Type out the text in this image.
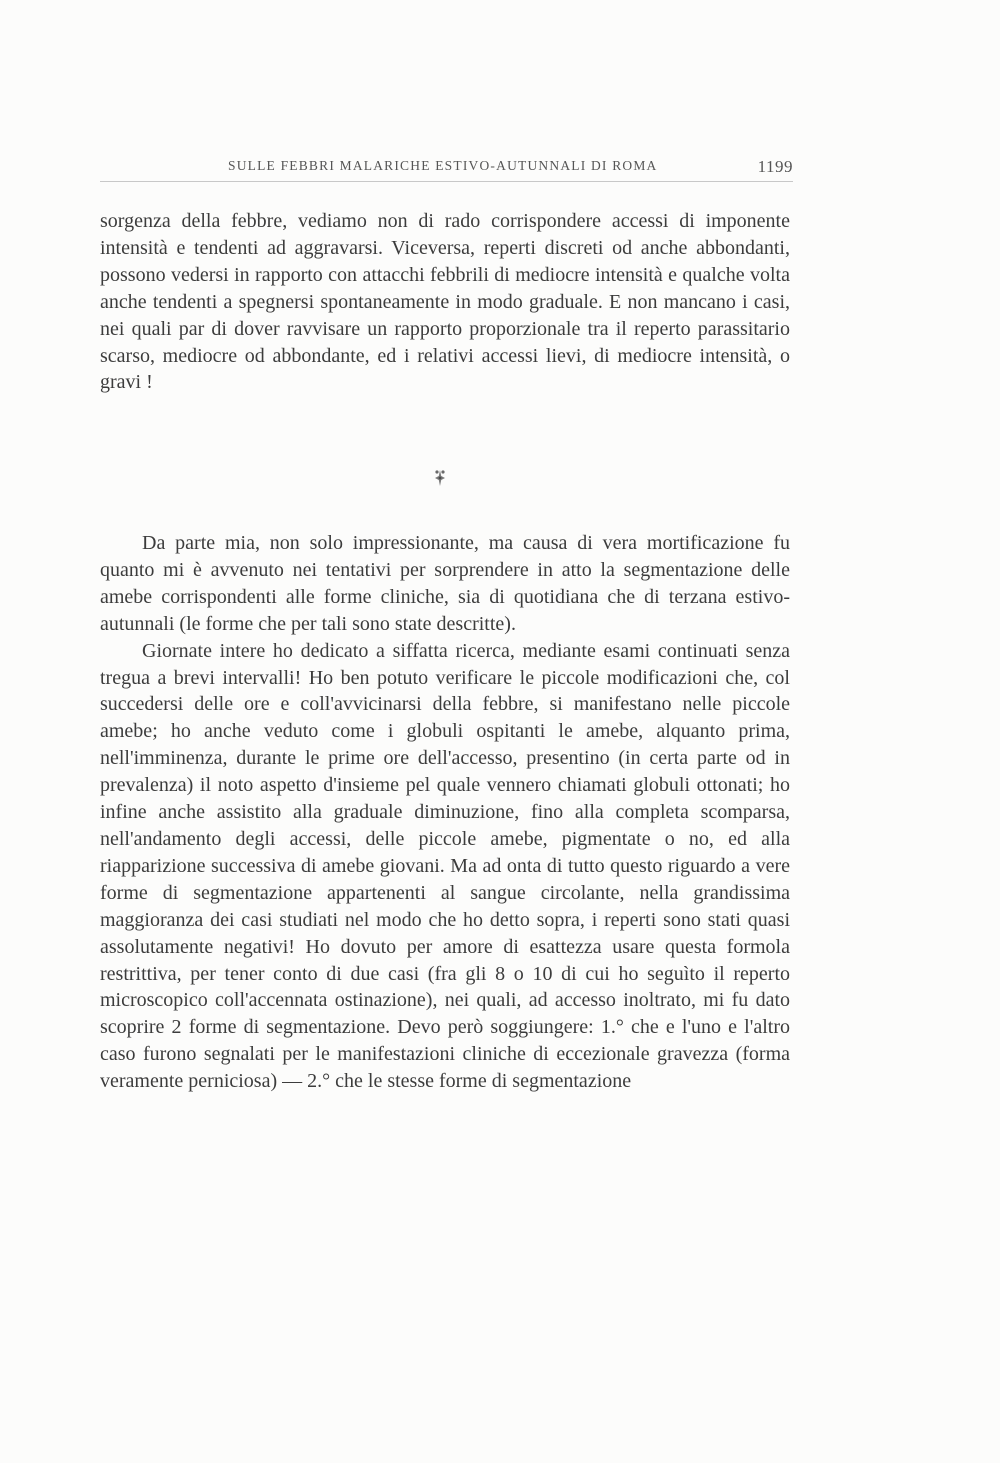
SULLE FEBBRI MALARICHE ESTIVO-AUTUNNALI DI ROMA	1199

sorgenza della febbre, vediamo non di rado corrispondere accessi di imponente intensità e tendenti ad aggravarsi. Viceversa, reperti discreti od anche abbondanti, possono vedersi in rapporto con attacchi febbrili di mediocre intensità e qualche volta anche tendenti a spegnersi spontaneamente in modo graduale. E non mancano i casi, nei quali par di dover ravvisare un rapporto proporzionale tra il reperto parassitario scarso, mediocre od abbondante, ed i relativi accessi lievi, di mediocre intensità, o gravi !

Da parte mia, non solo impressionante, ma causa di vera mortificazione fu quanto mi è avvenuto nei tentativi per sorprendere in atto la segmentazione delle amebe corrispondenti alle forme cliniche, sia di quotidiana che di terzana estivo-autunnali (le forme che per tali sono state descritte).

Giornate intere ho dedicato a siffatta ricerca, mediante esami continuati senza tregua a brevi intervalli! Ho ben potuto verificare le piccole modificazioni che, col succedersi delle ore e coll'avvicinarsi della febbre, si manifestano nelle piccole amebe; ho anche veduto come i globuli ospitanti le amebe, alquanto prima, nell'imminenza, durante le prime ore dell'accesso, presentino (in certa parte od in prevalenza) il noto aspetto d'insieme pel quale vennero chiamati globuli ottonati; ho infine anche assistito alla graduale diminuzione, fino alla completa scomparsa, nell'andamento degli accessi, delle piccole amebe, pigmentate o no, ed alla riapparizione successiva di amebe giovani. Ma ad onta di tutto questo riguardo a vere forme di segmentazione appartenenti al sangue circolante, nella grandissima maggioranza dei casi studiati nel modo che ho detto sopra, i reperti sono stati quasi assolutamente negativi! Ho dovuto per amore di esattezza usare questa formola restrittiva, per tener conto di due casi (fra gli 8 o 10 di cui ho seguìto il reperto microscopico coll'accennata ostinazione), nei quali, ad accesso inoltrato, mi fu dato scoprire 2 forme di segmentazione. Devo però soggiungere: 1.° che e l'uno e l'altro caso furono segnalati per le manifestazioni cliniche di eccezionale gravezza (forma veramente perniciosa) — 2.° che le stesse forme di segmentazione
